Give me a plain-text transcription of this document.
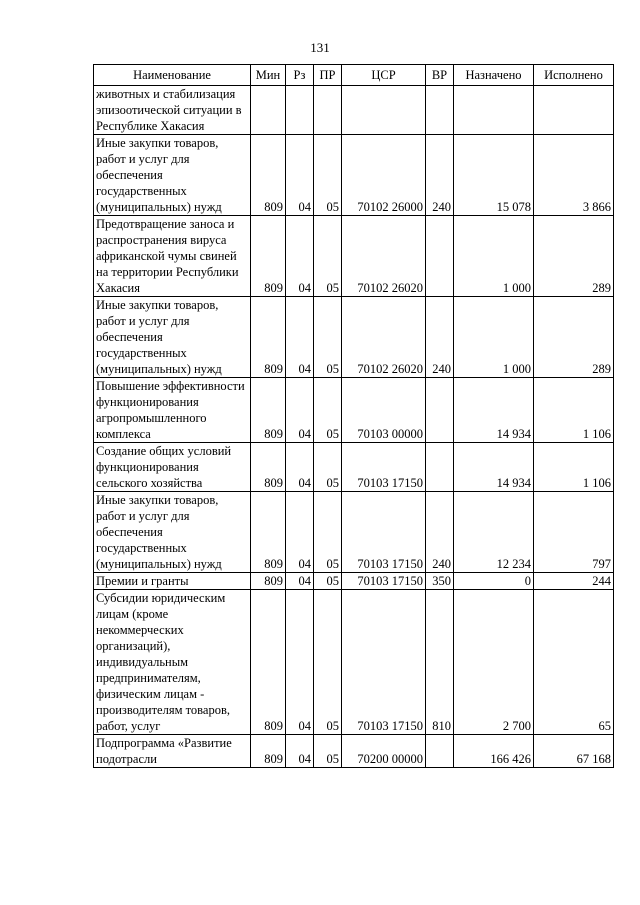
131
Наименование	Мин	Рз	ПР	ЦСР	ВР	Назначено	Исполнено
животных и стабилизация эпизоотической ситуации в Республике Хакасия							
Иные закупки товаров, работ и услуг для обеспечения государственных (муниципальных) нужд	809	04	05	70102 26000	240	15 078	3 866
Предотвращение заноса и распространения вируса африканской чумы свиней на территории Республики Хакасия	809	04	05	70102 26020		1 000	289
Иные закупки товаров, работ и услуг для обеспечения государственных (муниципальных) нужд	809	04	05	70102 26020	240	1 000	289
Повышение эффективности функционирования агропромышленного комплекса	809	04	05	70103 00000		14 934	1 106
Создание общих условий функционирования сельского хозяйства	809	04	05	70103 17150		14 934	1 106
Иные закупки товаров, работ и услуг для обеспечения государственных (муниципальных) нужд	809	04	05	70103 17150	240	12 234	797
Премии и гранты	809	04	05	70103 17150	350	0	244
Субсидии юридическим лицам (кроме некоммерческих организаций), индивидуальным предпринимателям, физическим лицам - производителям товаров, работ, услуг	809	04	05	70103 17150	810	2 700	65
Подпрограмма «Развитие подотрасли	809	04	05	70200 00000		166 426	67 168
